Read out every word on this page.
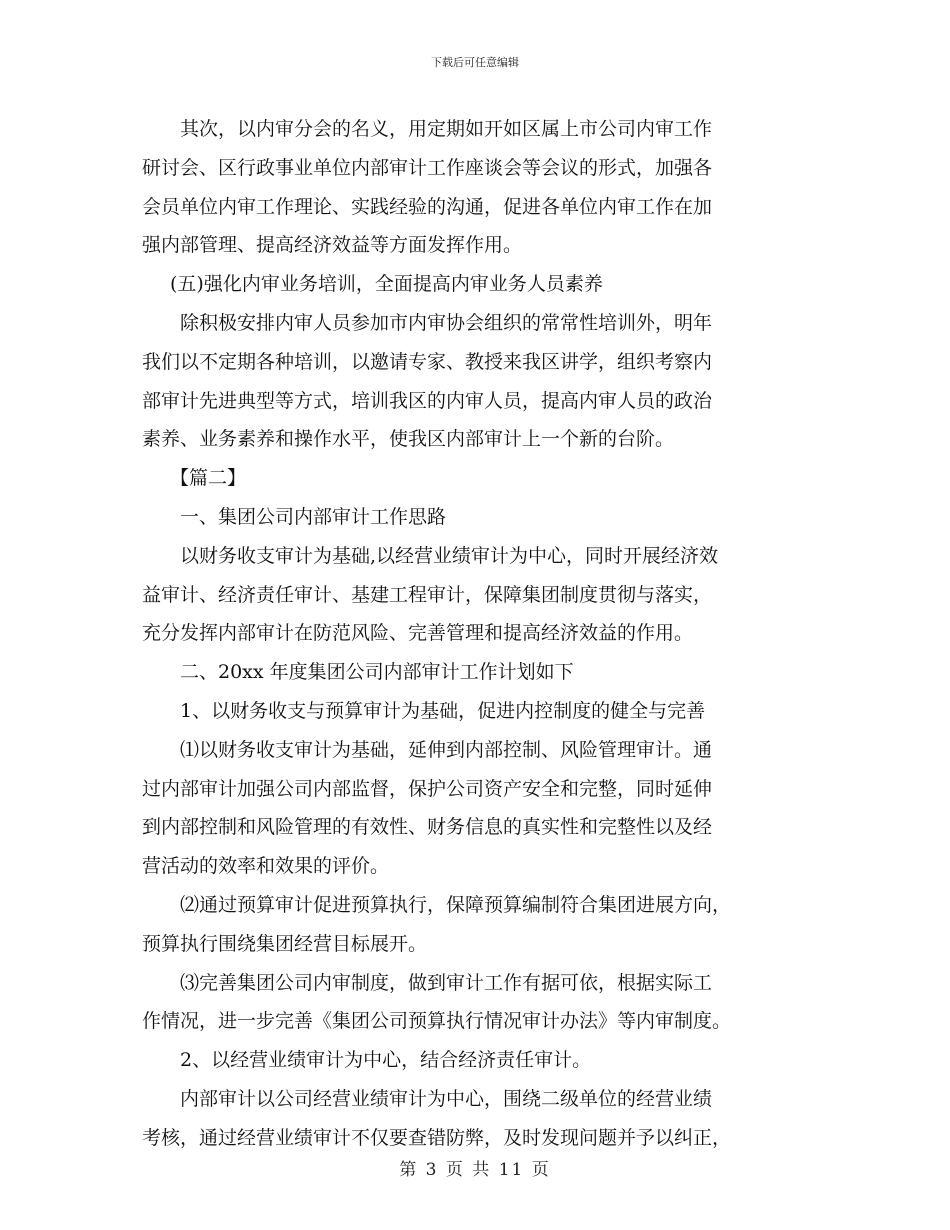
下载后可任意编辑
其次，以内审分会的名义，用定期如开如区属上市公司内审工作
研讨会、区行政事业单位内部审计工作座谈会等会议的形式，加强各
会员单位内审工作理论、实践经验的沟通，促进各单位内审工作在加
强内部管理、提高经济效益等方面发挥作用。
(五)强化内审业务培训，全面提高内审业务人员素养
除积极安排内审人员参加市内审协会组织的常常性培训外，明年
我们以不定期各种培训，以邀请专家、教授来我区讲学，组织考察内
部审计先进典型等方式，培训我区的内审人员，提高内审人员的政治
素养、业务素养和操作水平，使我区内部审计上一个新的台阶。
【篇二】
一、集团公司内部审计工作思路
以财务收支审计为基础,以经营业绩审计为中心，同时开展经济效
益审计、经济责任审计、基建工程审计，保障集团制度贯彻与落实，
充分发挥内部审计在防范风险、完善管理和提高经济效益的作用。
二、20xx 年度集团公司内部审计工作计划如下
1、以财务收支与预算审计为基础，促进内控制度的健全与完善
⑴以财务收支审计为基础，延伸到内部控制、风险管理审计。通
过内部审计加强公司内部监督，保护公司资产安全和完整，同时延伸
到内部控制和风险管理的有效性、财务信息的真实性和完整性以及经
营活动的效率和效果的评价。
⑵通过预算审计促进预算执行，保障预算编制符合集团进展方向，
预算执行围绕集团经营目标展开。
⑶完善集团公司内审制度，做到审计工作有据可依，根据实际工
作情况，进一步完善《集团公司预算执行情况审计办法》等内审制度。
2、以经营业绩审计为中心，结合经济责任审计。
内部审计以公司经营业绩审计为中心，围绕二级单位的经营业绩
考核，通过经营业绩审计不仅要查错防弊，及时发现问题并予以纠正，
第 3 页 共 11 页
